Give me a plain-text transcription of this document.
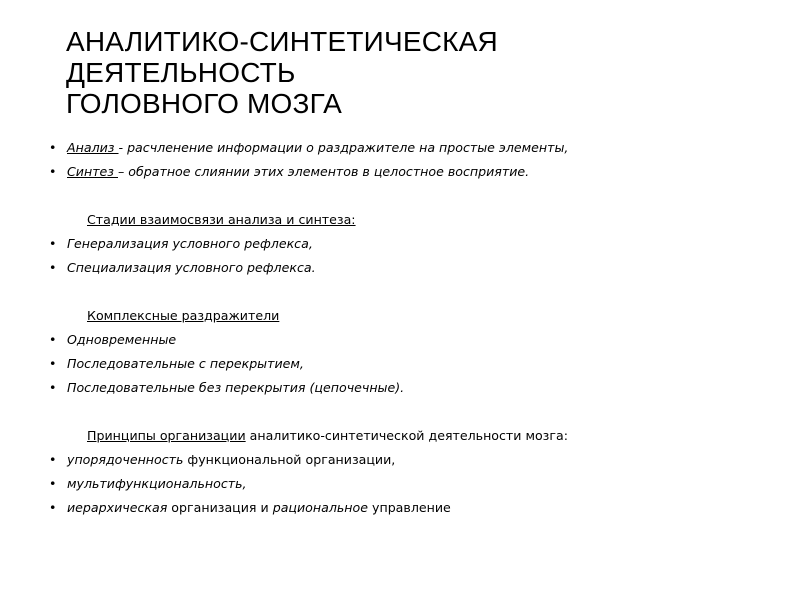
АНАЛИТИКО-СИНТЕТИЧЕСКАЯ
ДЕЯТЕЛЬНОСТЬ
ГОЛОВНОГО МОЗГА
• Анализ - расчленение информации о раздражителе на простые элементы,
• Синтез – обратное слиянии этих элементов в целостное восприятие.
Стадии взаимосвязи анализа и синтеза:
• Генерализация условного рефлекса,
• Специализация условного рефлекса.
Комплексные раздражители
• Одновременные
• Последовательные с перекрытием,
• Последовательные без перекрытия (цепочечные).
Принципы организации аналитико-синтетической деятельности мозга:
• упорядоченность функциональной организации,
• мультифункциональность,
• иерархическая организация и рациональное управление
